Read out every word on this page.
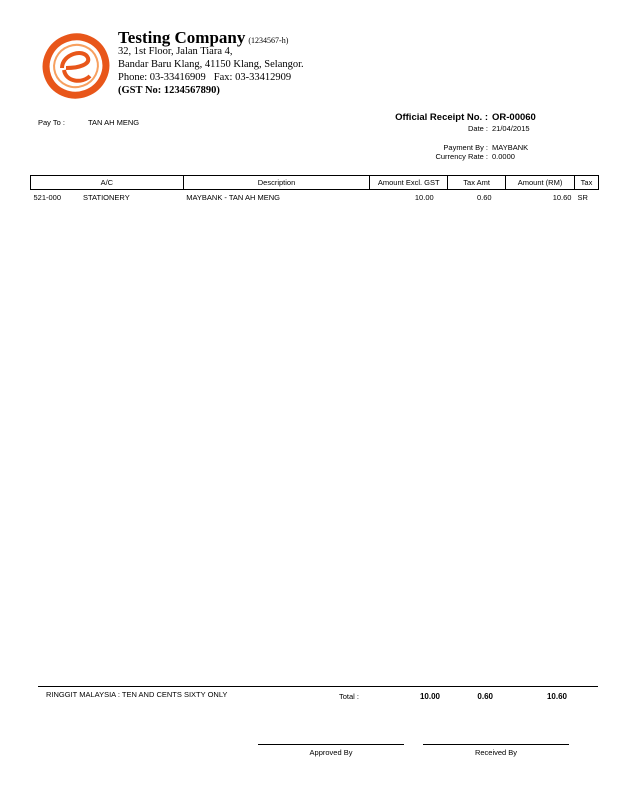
Testing Company (1234567-h)
32, 1st Floor, Jalan Tiara 4,
Bandar Baru Klang, 41150 Klang, Selangor.
Phone: 03-33416909 Fax: 03-33412909
(GST No: 1234567890)
Pay To :	TAN AH MENG	Official Receipt No. : OR-00060
Date : 21/04/2015
Payment By : MAYBANK
Currency Rate : 0.0000
A/C	Description	Amount Excl. GST	Tax Amt	Amount (RM)	Tax
521-000 STATIONERY	MAYBANK - TAN AH MENG	10.00	0.60	10.60	SR
RINGGIT MALAYSIA : TEN AND CENTS SIXTY ONLY	Total :	10.00	0.60	10.60
Approved By	Received By
